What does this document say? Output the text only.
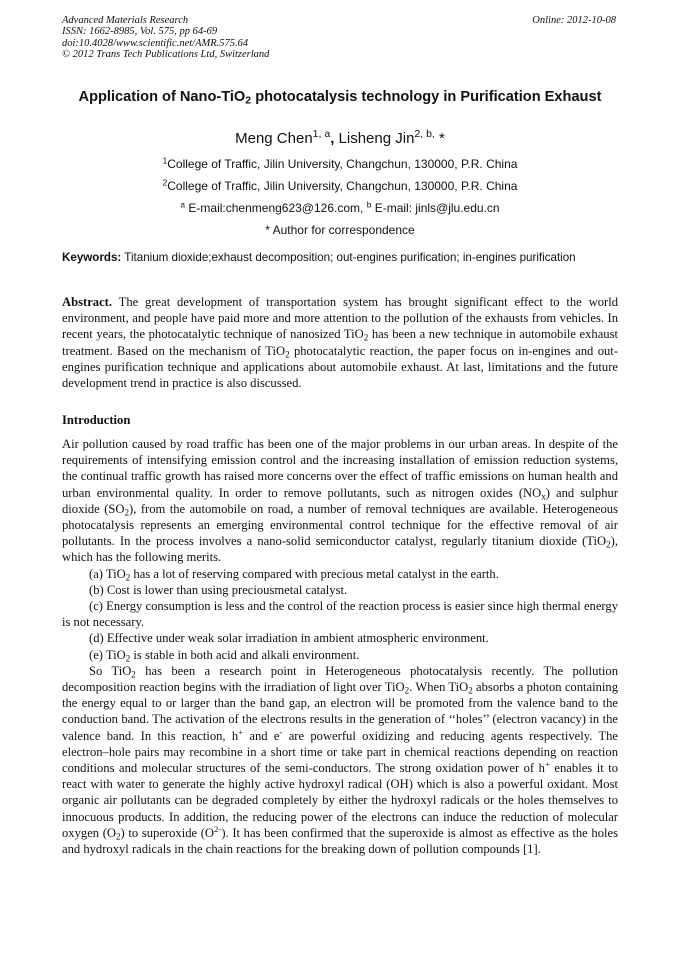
Advanced Materials Research
ISSN: 1662-8985, Vol. 575, pp 64-69
doi:10.4028/www.scientific.net/AMR.575.64
© 2012 Trans Tech Publications Ltd, Switzerland
Online: 2012-10-08
Application of Nano-TiO$_2$ photocatalysis technology in Purification Exhaust
Meng Chen$^{1, a}$, Lisheng Jin$^{2, b,}$ *
$^1$College of Traffic, Jilin University, Changchun, 130000, P.R. China
$^2$College of Traffic, Jilin University, Changchun, 130000, P.R. China
$^a$ E-mail:chenmeng623@126.com, $^b$ E-mail: jinls@jlu.edu.cn
* Author for correspondence
Keywords: Titanium dioxide;exhaust decomposition; out-engines purification; in-engines purification
Abstract. The great development of transportation system has brought significant effect to the world environment, and people have paid more and more attention to the pollution of the exhausts from vehicles. In recent years, the photocatalytic technique of nanosized TiO$_2$ has been a new technique in automobile exhaust treatment. Based on the mechanism of TiO$_2$ photocatalytic reaction, the paper focus on in-engines and out-engines purification technique and applications about automobile exhaust. At last, limitations and the future development trend in practice is also discussed.
Introduction

Air pollution caused by road traffic has been one of the major problems in our urban areas. In despite of the requirements of intensifying emission control and the increasing installation of emission reduction systems, the continual traffic growth has raised more concerns over the effect of traffic emissions on human health and urban environmental quality. In order to remove pollutants, such as nitrogen oxides $(NO_x)$ and sulphur dioxide $(SO_2)$, from the automobile on road, a number of removal techniques are available. Heterogeneous photocatalysis represents an emerging environmental control technique for the effective removal of air pollutants. In the process involves a nano-solid semiconductor catalyst, regularly titanium dioxide (TiO$_2$), which has the following merits.

(a) TiO$_2$ has a lot of reserving compared with precious metal catalyst in the earth.

(b) Cost is lower than using preciousmetal catalyst.

(c) Energy consumption is less and the control of the reaction process is easier since high thermal energy is not necessary.

(d) Effective under weak solar irradiation in ambient atmospheric environment.

(e) TiO$_2$ is stable in both acid and alkali environment.

So TiO$_2$ has been a research point in Heterogeneous photocatalysis recently. The pollution decomposition reaction begins with the irradiation of light over TiO$_2$. When TiO$_2$ absorbs a photon containing the energy equal to or larger than the band gap, an electron will be promoted from the valence band to the conduction band. The activation of the electrons results in the generation of ‘‘holes’’ (electron vacancy) in the valence band. In this reaction, h+ and e- are powerful oxidizing and reducing agents respectively. The electron–hole pairs may recombine in a short time or take part in chemical reactions depending on reaction conditions and molecular structures of the semi-conductors. The strong oxidation power of h+ enables it to react with water to generate the highly active hydroxyl radical (OH) which is also a powerful oxidant. Most organic air pollutants can be degraded completely by either the hydroxyl radicals or the holes themselves to innocuous products. In addition, the reducing power of the electrons can induce the reduction of molecular oxygen $(O_2)$ to superoxide $(O^{2-})$. It has been confirmed that the superoxide is almost as effective as the holes and hydroxyl radicals in the chain reactions for the breaking down of pollution compounds [1].
